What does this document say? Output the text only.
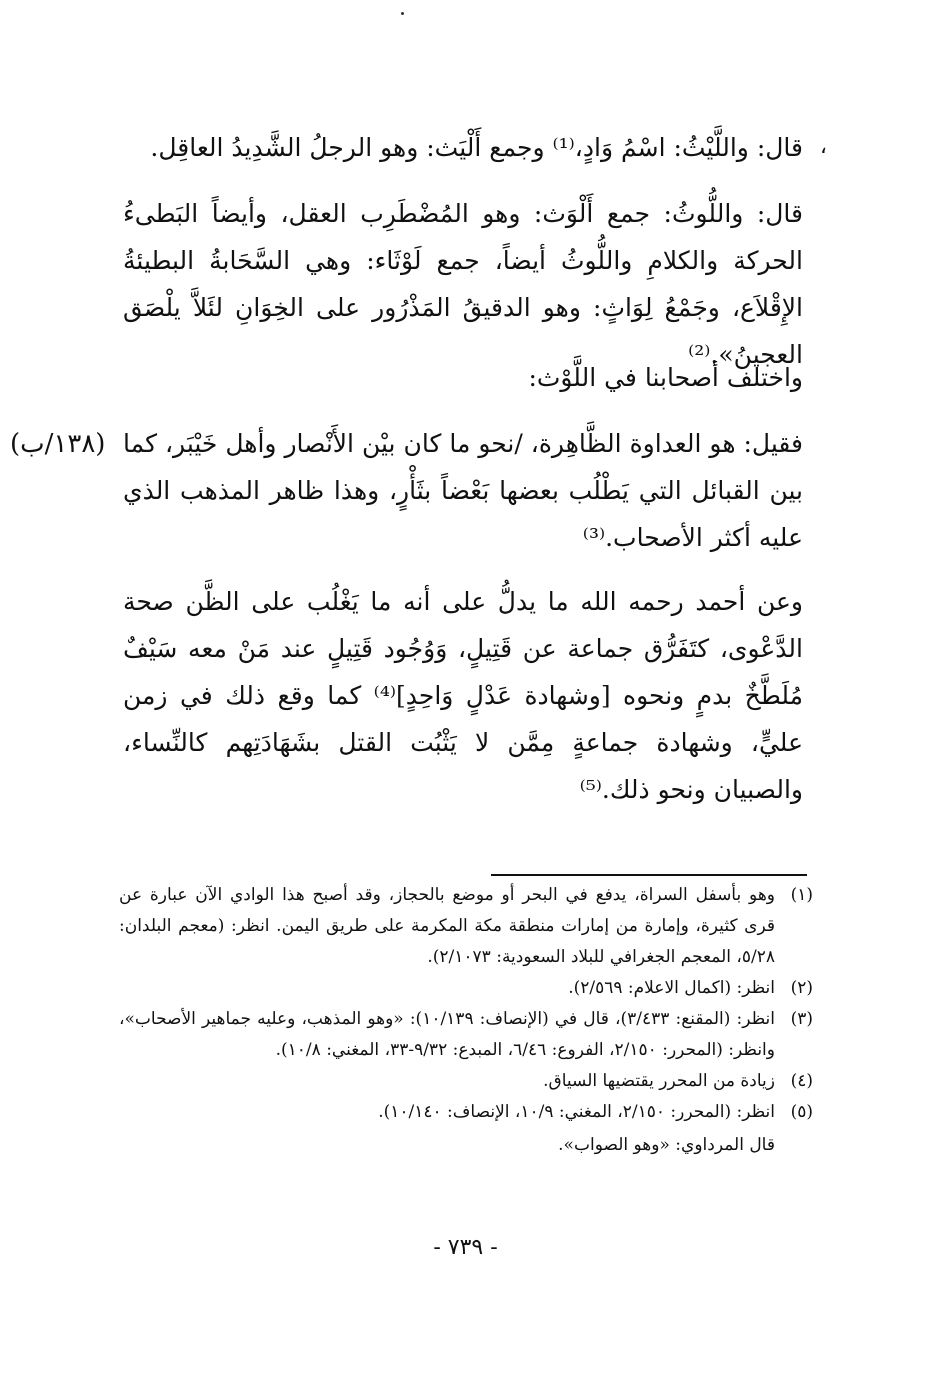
،
(١٣٨/ب)
قال: واللَّيْثُ: اسْمُ وَادٍ،⁽¹⁾ وجمع أَلْيَث: وهو الرجلُ الشَّدِيدُ العاقِل.
قال: واللُّوثُ: جمع أَلْوَث: وهو المُضْطَرِب العقل، وأيضاً البَطىءُ الحركة والكلامِ واللُّوثُ أيضاً، جمع لَوْثَاء: وهي السَّحَابةُ البطيئةُ الإِقْلاَع، وجَمْعُ لِوَاثٍ: وهو الدقيقُ المَذْرُور على الخِوَانِ لئَلاَّ يلْصَق العجينُ».⁽²⁾
واختلف أصحابنا في اللَّوْث:
فقيل: هو العداوة الظَّاهِرة، /نحو ما كان بيْن الأَنْصار وأهل خَيْبَر، كما بين القبائل التي يَطْلُب بعضها بَعْضاً بثَأْرٍ، وهذا ظاهر المذهب الذي عليه أكثر الأصحاب.⁽³⁾
وعن أحمد رحمه الله ما يدلُّ على أنه ما يَغْلُب على الظَّن صحة الدَّعْوى، كتَفَرُّق جماعة عن قَتِيلٍ، وَوُجُود قَتِيلٍ عند مَنْ معه سَيْفٌ مُلَطَّخٌ بدمٍ ونحوه [وشهادة عَدْلٍ وَاحِدٍ]⁽⁴⁾ كما وقع ذلك في زمن عليٍّ، وشهادة جماعةٍ مِمَّن لا يَثْبُت القتل بشَهَادَتِهم كالنِّساء، والصبيان ونحو ذلك.⁽⁵⁾
(١)
وهو بأسفل السراة، يدفع في البحر أو موضع بالحجاز، وقد أصبح هذا الوادي الآن عبارة عن قرى كثيرة، وإمارة من إمارات منطقة مكة المكرمة على طريق اليمن. انظر: (معجم البلدان: ٥/٢٨، المعجم الجغرافي للبلاد السعودية: ٢/١٠٧٣).
(٢)
انظر: (اكمال الاعلام: ٢/٥٦٩).
(٣)
انظر: (المقنع: ٣/٤٣٣)، قال في (الإنصاف: ١٠/١٣٩): «وهو المذهب، وعليه جماهير الأصحاب»، وانظر: (المحرر: ٢/١٥٠، الفروع: ٦/٤٦، المبدع: ٩/٣٢-٣٣، المغني: ١٠/٨).
(٤)
زيادة من المحرر يقتضيها السياق.
(٥)
انظر: (المحرر: ٢/١٥٠، المغني: ١٠/٩، الإنصاف: ١٠/١٤٠).
قال المرداوي: «وهو الصواب».
- ٧٣٩ -
